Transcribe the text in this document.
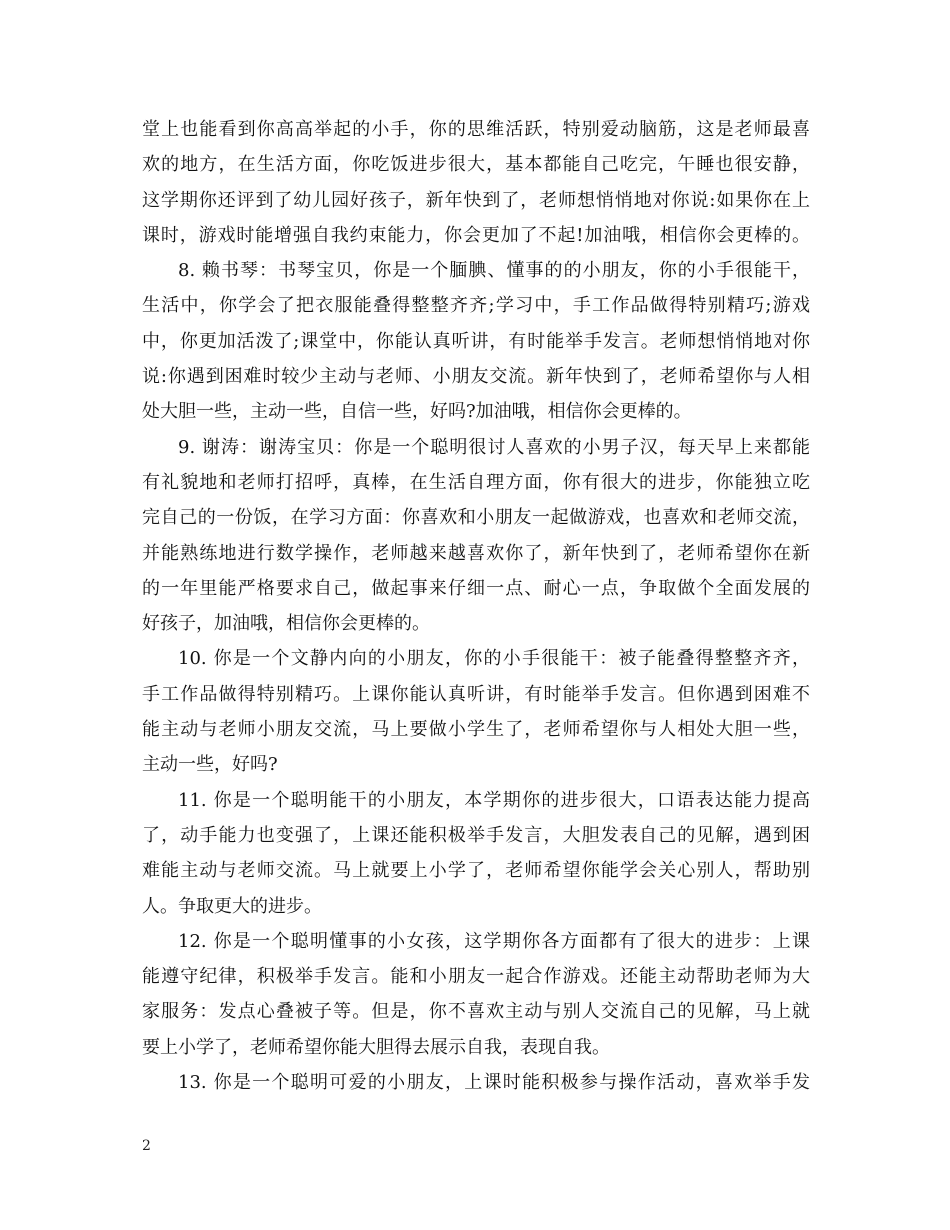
堂上也能看到你高高举起的小手，你的思维活跃，特别爱动脑筋，这是老师最喜
欢的地方，在生活方面，你吃饭进步很大，基本都能自己吃完，午睡也很安静，
这学期你还评到了幼儿园好孩子，新年快到了，老师想悄悄地对你说:如果你在上
课时，游戏时能增强自我约束能力，你会更加了不起!加油哦，相信你会更棒的。
8. 赖书琴：书琴宝贝，你是一个腼腆、懂事的的小朋友，你的小手很能干，
生活中，你学会了把衣服能叠得整整齐齐;学习中，手工作品做得特别精巧;游戏
中，你更加活泼了;课堂中，你能认真听讲，有时能举手发言。老师想悄悄地对你
说:你遇到困难时较少主动与老师、小朋友交流。新年快到了，老师希望你与人相
处大胆一些，主动一些，自信一些，好吗?加油哦，相信你会更棒的。
9. 谢涛：谢涛宝贝：你是一个聪明很讨人喜欢的小男子汉，每天早上来都能
有礼貌地和老师打招呼，真棒，在生活自理方面，你有很大的进步，你能独立吃
完自己的一份饭，在学习方面：你喜欢和小朋友一起做游戏，也喜欢和老师交流，
并能熟练地进行数学操作，老师越来越喜欢你了，新年快到了，老师希望你在新
的一年里能严格要求自己，做起事来仔细一点、耐心一点，争取做个全面发展的
好孩子，加油哦，相信你会更棒的。
10. 你是一个文静内向的小朋友，你的小手很能干：被子能叠得整整齐齐，
手工作品做得特别精巧。上课你能认真听讲，有时能举手发言。但你遇到困难不
能主动与老师小朋友交流，马上要做小学生了，老师希望你与人相处大胆一些，
主动一些，好吗?
11. 你是一个聪明能干的小朋友，本学期你的进步很大，口语表达能力提高
了，动手能力也变强了，上课还能积极举手发言，大胆发表自己的见解，遇到困
难能主动与老师交流。马上就要上小学了，老师希望你能学会关心别人，帮助别
人。争取更大的进步。
12. 你是一个聪明懂事的小女孩，这学期你各方面都有了很大的进步：上课
能遵守纪律，积极举手发言。能和小朋友一起合作游戏。还能主动帮助老师为大
家服务：发点心叠被子等。但是，你不喜欢主动与别人交流自己的见解，马上就
要上小学了，老师希望你能大胆得去展示自我，表现自我。
13. 你是一个聪明可爱的小朋友，上课时能积极参与操作活动，喜欢举手发
2
